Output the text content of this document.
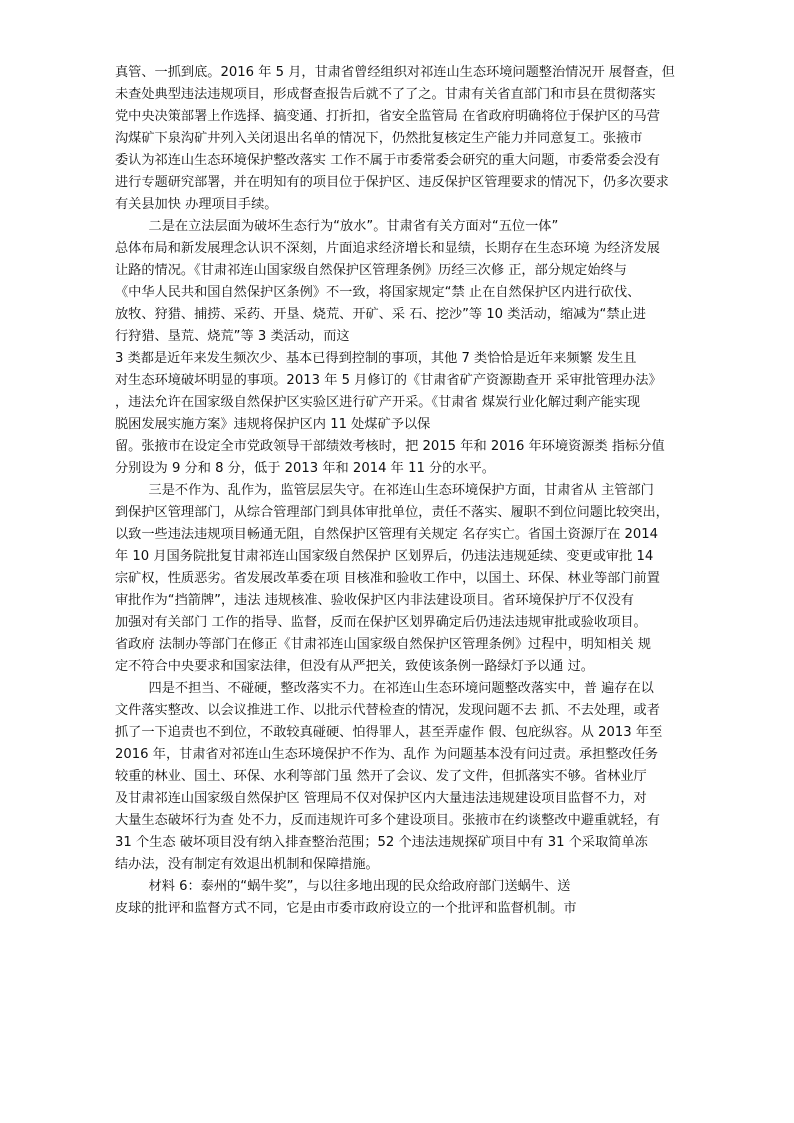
真管、一抓到底。2016 年 5 月，甘肃省曾经组织对祁连山生态环境问题整治情况开 展督查，但
未查处典型违法违规项目，形成督查报告后就不了了之。甘肃有关省直部门和市县在贯彻落实
党中央决策部署上作选择、搞变通、打折扣，省安全监管局 在省政府明确将位于保护区的马营
沟煤矿下泉沟矿井列入关闭退出名单的情况下，仍然批复核定生产能力并同意复工。张掖市
委认为祁连山生态环境保护整改落实 工作不属于市委常委会研究的重大问题，市委常委会没有
进行专题研究部署，并在明知有的项目位于保护区、违反保护区管理要求的情况下，仍多次要求
有关县加快 办理项目手续。
二是在立法层面为破坏生态行为“放水”。甘肃省有关方面对“五位一体”
总体布局和新发展理念认识不深刻，片面追求经济增长和显绩，长期存在生态环境 为经济发展
让路的情况。《甘肃祁连山国家级自然保护区管理条例》历经三次修 正，部分规定始终与
《中华人民共和国自然保护区条例》不一致，将国家规定“禁 止在自然保护区内进行砍伐、
放牧、狩猎、捕捞、采药、开垦、烧荒、开矿、采 石、挖沙”等 10 类活动，缩减为“禁止进
行狩猎、垦荒、烧荒”等 3 类活动，而这
3 类都是近年来发生频次少、基本已得到控制的事项，其他 7 类恰恰是近年来频繁 发生且
对生态环境破坏明显的事项。2013 年 5 月修订的《甘肃省矿产资源勘查开 采审批管理办法》
，违法允许在国家级自然保护区实验区进行矿产开采。《甘肃省 煤炭行业化解过剩产能实现
脱困发展实施方案》违规将保护区内 11 处煤矿予以保
留。张掖市在设定全市党政领导干部绩效考核时，把 2015 年和 2016 年环境资源类 指标分值
分别设为 9 分和 8 分，低于 2013 年和 2014 年 11 分的水平。
三是不作为、乱作为，监管层层失守。在祁连山生态环境保护方面，甘肃省从 主管部门
到保护区管理部门，从综合管理部门到具体审批单位，责任不落实、履职不到位问题比较突出，
以致一些违法违规项目畅通无阻，自然保护区管理有关规定 名存实亡。省国土资源厅在 2014
年 10 月国务院批复甘肃祁连山国家级自然保护 区划界后，仍违法违规延续、变更或审批 14
宗矿权，性质恶劣。省发展改革委在项 目核准和验收工作中，以国土、环保、林业等部门前置
审批作为“挡箭牌”，违法 违规核准、验收保护区内非法建设项目。省环境保护厅不仅没有
加强对有关部门 工作的指导、监督，反而在保护区划界确定后仍违法违规审批或验收项目。
省政府 法制办等部门在修正《甘肃祁连山国家级自然保护区管理条例》过程中，明知相关 规
定不符合中央要求和国家法律，但没有从严把关，致使该条例一路绿灯予以通 过。
四是不担当、不碰硬，整改落实不力。在祁连山生态环境问题整改落实中，普 遍存在以
文件落实整改、以会议推进工作、以批示代替检查的情况，发现问题不去 抓、不去处理，或者
抓了一下追责也不到位，不敢较真碰硬、怕得罪人，甚至弄虚作 假、包庇纵容。从 2013 年至
2016 年，甘肃省对祁连山生态环境保护不作为、乱作 为问题基本没有问过责。承担整改任务
较重的林业、国土、环保、水利等部门虽 然开了会议、发了文件，但抓落实不够。省林业厅
及甘肃祁连山国家级自然保护区 管理局不仅对保护区内大量违法违规建设项目监督不力，对
大量生态破坏行为查 处不力，反而违规许可多个建设项目。张掖市在约谈整改中避重就轻，有
31 个生态 破坏项目没有纳入排查整治范围；52 个违法违规探矿项目中有 31 个采取简单冻
结办法，没有制定有效退出机制和保障措施。
材料 6：泰州的“蜗牛奖”，与以往多地出现的民众给政府部门送蜗牛、送
皮球的批评和监督方式不同，它是由市委市政府设立的一个批评和监督机制。市
